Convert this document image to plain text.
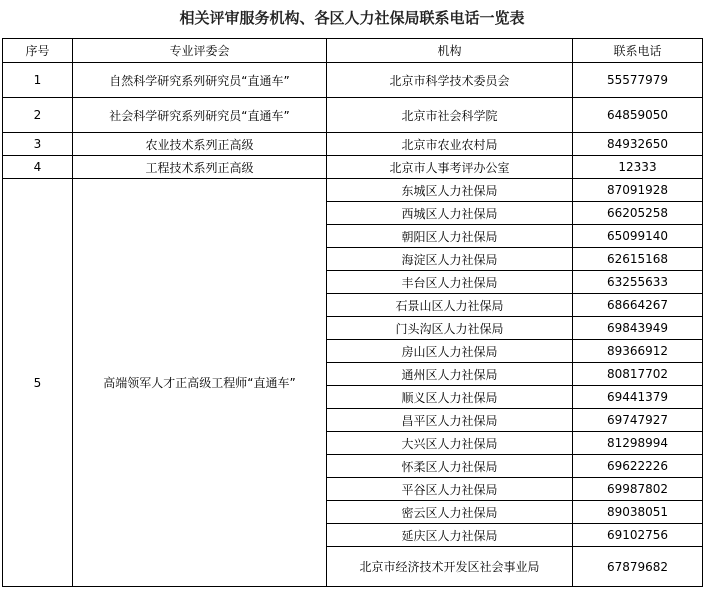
相关评审服务机构、各区人力社保局联系电话一览表
序号	专业评委会	机构	联系电话
1	自然科学研究系列研究员“直通车”	北京市科学技术委员会	55577979
2	社会科学研究系列研究员“直通车”	北京市社会科学院	64859050
3	农业技术系列正高级	北京市农业农村局	84932650
4	工程技术系列正高级	北京市人事考评办公室	12333
5	高端领军人才正高级工程师“直通车”	东城区人力社保局	87091928
		西城区人力社保局	66205258
		朝阳区人力社保局	65099140
		海淀区人力社保局	62615168
		丰台区人力社保局	63255633
		石景山区人力社保局	68664267
		门头沟区人力社保局	69843949
		房山区人力社保局	89366912
		通州区人力社保局	80817702
		顺义区人力社保局	69441379
		昌平区人力社保局	69747927
		大兴区人力社保局	81298994
		怀柔区人力社保局	69622226
		平谷区人力社保局	69987802
		密云区人力社保局	89038051
		延庆区人力社保局	69102756
		北京市经济技术开发区社会事业局	67879682
